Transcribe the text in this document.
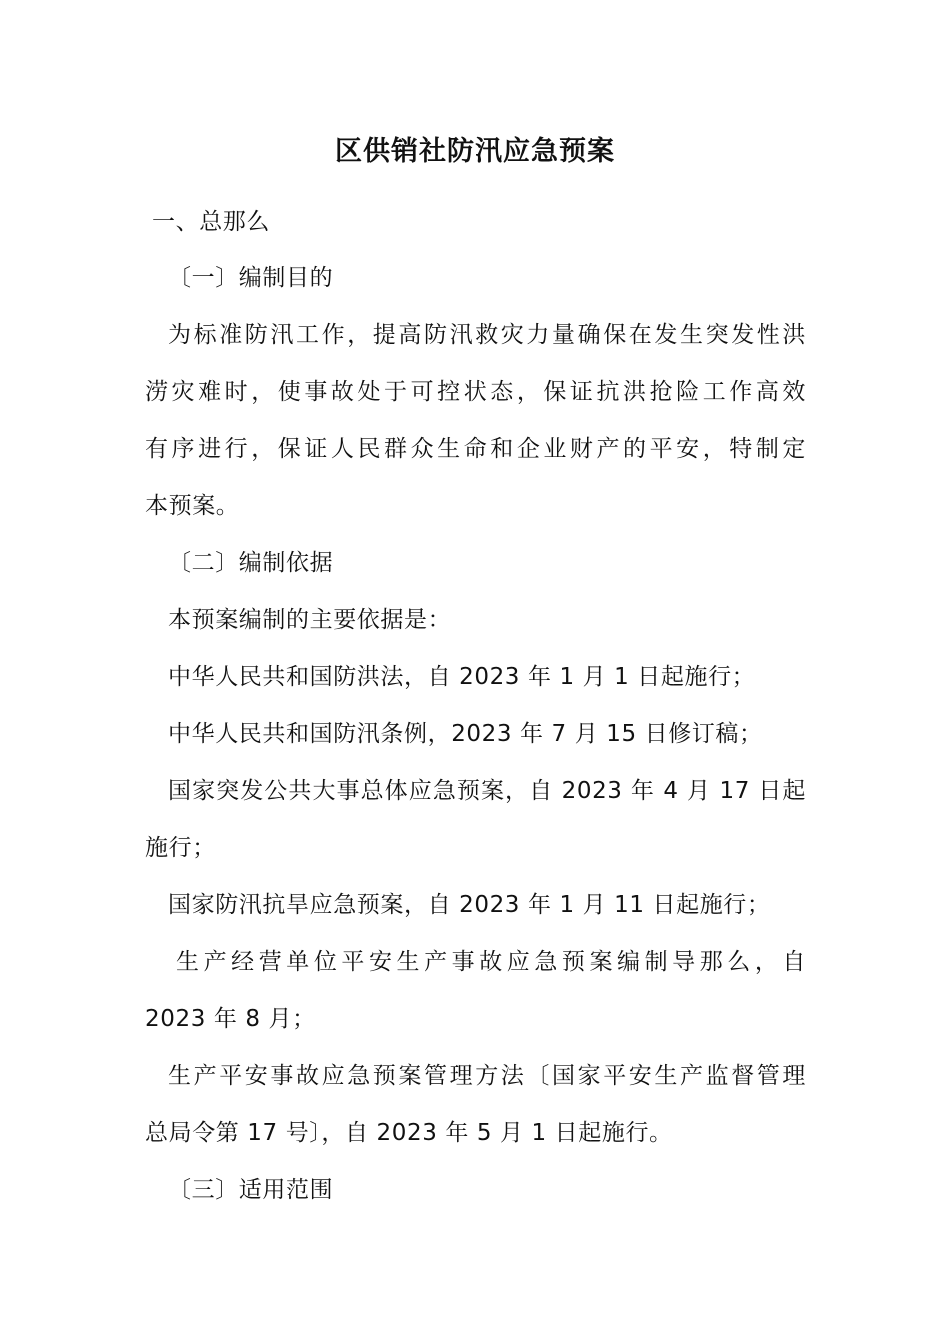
区供销社防汛应急预案
一、总那么
〔一〕编制目的
为标准防汛工作，提高防汛救灾力量确保在发生突发性洪
涝灾难时，使事故处于可控状态，保证抗洪抢险工作高效
有序进行，保证人民群众生命和企业财产的平安，特制定
本预案。
〔二〕编制依据
本预案编制的主要依据是：
中华人民共和国防洪法，自 2023 年 1 月 1 日起施行；
中华人民共和国防汛条例，2023 年 7 月 15 日修订稿；
国家突发公共大事总体应急预案，自 2023 年 4 月 17 日起
施行；
国家防汛抗旱应急预案，自 2023 年 1 月 11 日起施行；
生产经营单位平安生产事故应急预案编制导那么，自
2023 年 8 月；
生产平安事故应急预案管理方法〔国家平安生产监督管理
总局令第 17 号〕，自 2023 年 5 月 1 日起施行。
〔三〕适用范围
